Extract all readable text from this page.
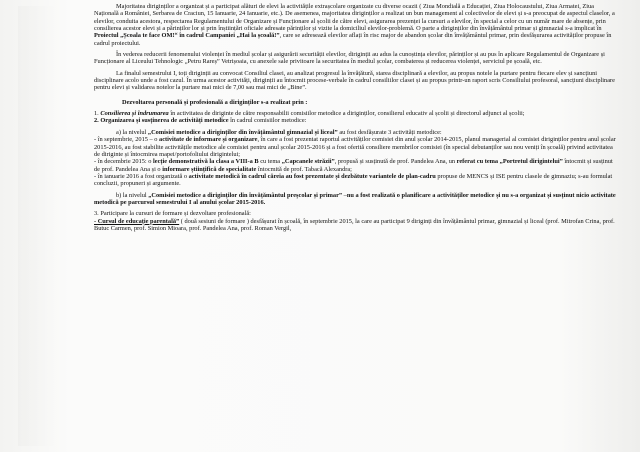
Majoritatea diriginților a organizat și a participat alături de elevi la activitățile extrașcolare organizate cu diverse ocazii ( Ziua Mondială a Educației, Ziua Holocaustului, Ziua Armatei, Ziua Națională a României, Serbarea de Craciun, 15 Ianuarie, 24 Ianuarie, etc.). De asemenea, majoritatea diriginților a realizat un bun management al colectivelor de elevi și s-a preocupat de aspectul claselor, a elevilor, conduita acestora, respectarea Regulamentului de Organizare și Funcționare al școlii de către elevi, asigurarea prezenței la cursuri a elevilor, în special a celor cu un număr mare de absențe, prin consilierea acestor elevi și a părinților lor și prin înștiințări oficiale adresate părinților și vizite la domiciliul elevilor-problemă. O parte a diriginților din învățământul primar și gimnazial s-a implicat în Proiectul „Școala te face OM!“ în cadrul Campaniei „Hai la școală!”, care se adresează elevilor aflați în risc major de abandon școlar din învățământul primar, prin desfășurarea activităților propuse în cadrul proiectului.

În vederea reducerii fenomenului violenței în mediul școlar și asigurării securității elevilor, diriginții au adus la cunoștința elevilor, părinților și au pus în aplicare Regulamentul de Organizare și Funcționare al Liceului Tehnologic „Petru Rareș” Vetrișoaia, cu anexele sale privitoare la securitatea în mediul școlar, combaterea și reducerea violenței, serviciul pe școală, etc.

La finalul semestrului I, toți diriginții au convocat Consiliul clasei, au analizat progresul la învățătură, starea disciplinară a elevilor, au propus notele la purtare pentru fiecare elev și sancțiuni disciplinare acolo unde a fost cazul. În urma acestor activități, diriginții au întocmit procese-verbale în cadrul consiliilor clasei și au propus printr-un raport scris Consiliului profesoral, sancțiuni disciplinare pentru elevi și validarea notelor la purtare mai mici de 7,00 sau mai mici de „Bine”.

Dezvoltarea personală și profesională a diriginților s-a realizat prin :

1. Consilierea și îndrumarea în activitatea de diriginte de către responsabilii comisiilor metodice a diriginților, consilierul educativ al școlii și directorul adjunct al școlii;

2. Organizarea și susținerea de activități metodice în cadrul comisiilor metodice:

a) la nivelul „Comisiei metodice a diriginților din învățământul gimnazial și liceal” au fost desfășurate 3 activități metodice:

- în septembrie, 2015 – o activitate de informare și organizare, în care a fost prezentat raportul activităților comisiei din anul școlar 2014-2015, planul managerial al comisiei diriginților pentru anul școlar 2015-2016, au fost stabilite activitățile metodice ale comisiei pentru anul școlar 2015-2016 și a fost oferită consiliere membrilor comisiei (în special debutanților sau nou veniți în școală) privind activitatea de diriginte și întocmirea mapei/portofoliului dirigintelui;

- în decembrie 2015: o lecție demonstrativă la clasa a VIII-a B cu tema „Capcanele străzii”, propusă și susținută de prof. Pandelea Ana, un referat cu tema „Portretul dirigintelui” întocmit și susținut de prof. Pandelea Ana și o informare științifică de specialitate întocmită de prof. Tabacă Alexandra;

- în ianuarie 2016 a fost organizată o activitate metodică în cadrul căreia au fost prezentate și dezbătute variantele de plan-cadru propuse de MENCS și ISE pentru clasele de gimnaziu; s-au formulat concluzii, propuneri și argumente.

b) la nivelul „Comisiei metodice a diriginților din învățământul preșcolar și primar” –nu a fost realizată o planificare a activităților metodice și nu s-a organizat și susținut nicio activitate metodică pe parcursul semestrului I al anului școlar 2015-2016.

3. Participare la cursuri de formare și dezvoltare profesională:

- Cursul de educație parentală” ( două sesiuni de formare ) desfășurat în școală, în septembrie 2015, la care au participat 9 diriginți din învățământul primar, gimnazial și liceal (prof. Mitrofan Crina, prof. Butuc Carmen, prof. Simion Mioara, prof. Pandelea Ana, prof. Roman Vergil,
